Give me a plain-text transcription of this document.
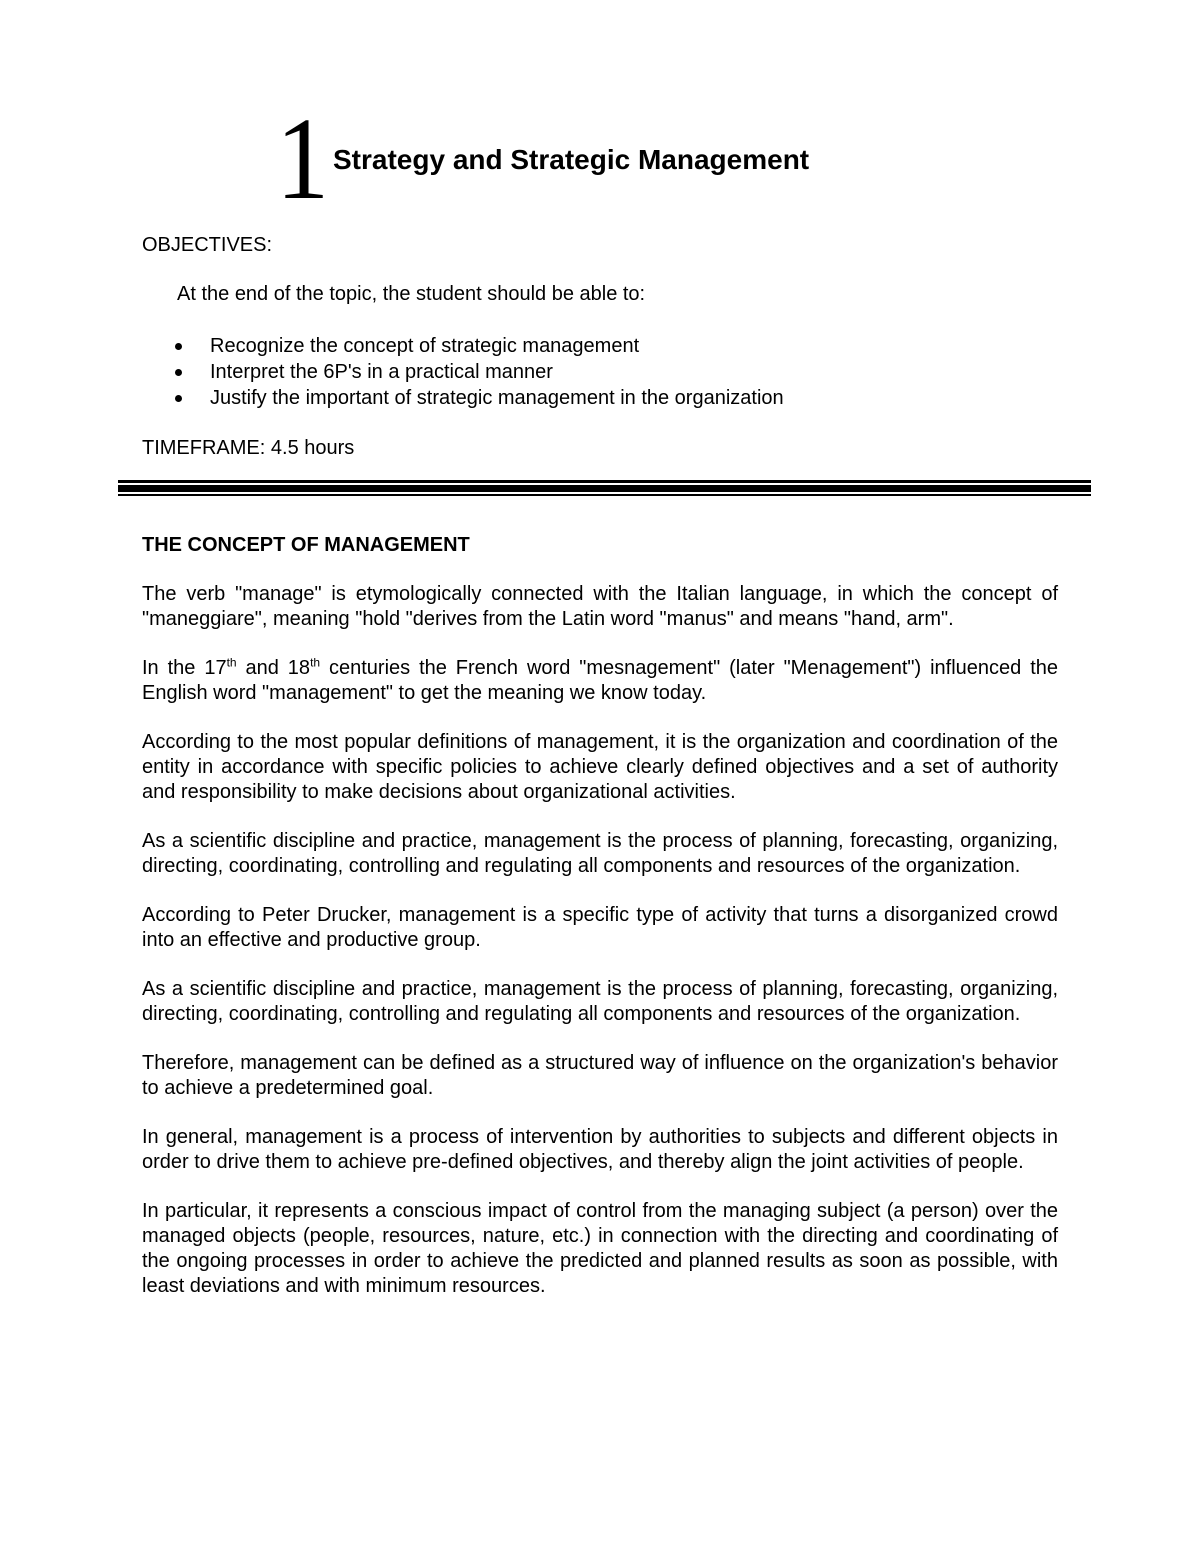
1 Strategy and Strategic Management
OBJECTIVES:
At the end of the topic, the student should be able to:
Recognize the concept of strategic management
Interpret the 6P's in a practical manner
Justify the important of strategic management in the organization
TIMEFRAME: 4.5 hours
THE CONCEPT OF MANAGEMENT

The verb "manage" is etymologically connected with the Italian language, in which the concept of "maneggiare", meaning "hold "derives from the Latin word "manus" and means "hand, arm".

In the 17th and 18th centuries the French word "mesnagement" (later "Menagement") influenced the English word "management" to get the meaning we know today.

According to the most popular definitions of management, it is the organization and coordination of the entity in accordance with specific policies to achieve clearly defined objectives and a set of authority and responsibility to make decisions about organizational activities.

As a scientific discipline and practice, management is the process of planning, forecasting, organizing, directing, coordinating, controlling and regulating all components and resources of the organization.

According to Peter Drucker, management is a specific type of activity that turns a disorganized crowd into an effective and productive group.

As a scientific discipline and practice, management is the process of planning, forecasting, organizing, directing, coordinating, controlling and regulating all components and resources of the organization.

Therefore, management can be defined as a structured way of influence on the organization's behavior to achieve a predetermined goal.

In general, management is a process of intervention by authorities to subjects and different objects in order to drive them to achieve pre-defined objectives, and thereby align the joint activities of people.

In particular, it represents a conscious impact of control from the managing subject (a person) over the managed objects (people, resources, nature, etc.) in connection with the directing and coordinating of the ongoing processes in order to achieve the predicted and planned results as soon as possible, with least deviations and with minimum resources.
